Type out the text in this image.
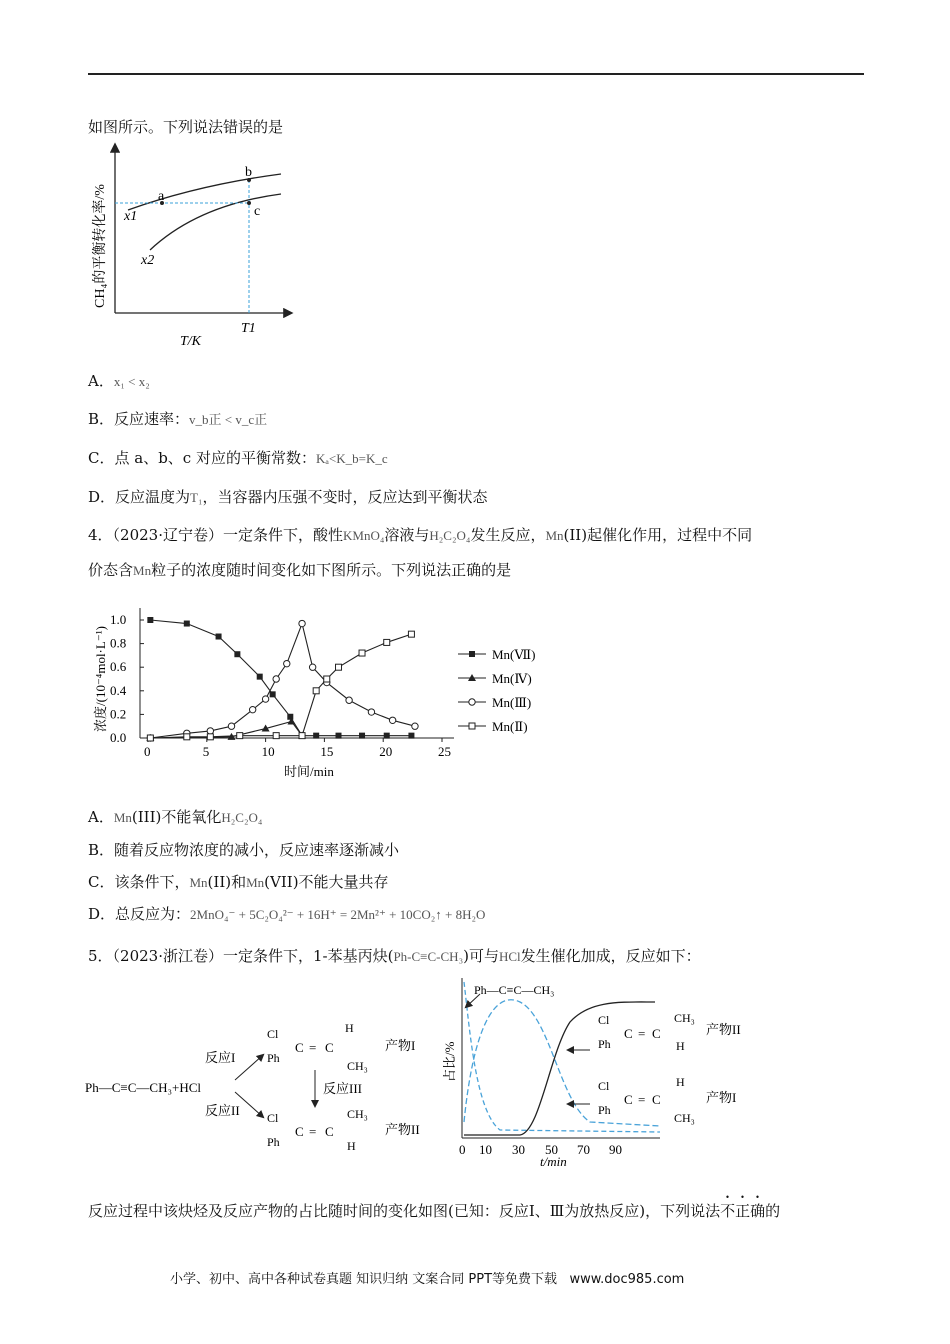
如图所示。下列说法错误的是
a
b
c
x1
x2
T1
T/K
CH₄的平衡转化率/%
A．x₁ < x₂
B．反应速率：v_b正 < v_c正
C．点 a、b、c 对应的平衡常数：Kₐ<K_b=K_c
D．反应温度为T₁，当容器内压强不变时，反应达到平衡状态
4．（2023·辽宁卷）一定条件下，酸性KMnO₄溶液与H₂C₂O₄发生反应，Mn(II)起催化作用，过程中不同
价态含Mn粒子的浓度随时间变化如下图所示。下列说法正确的是
0	5	10	15	20	25
0.0
0.2
0.4
0.6
0.8
1.0
Mn(Ⅶ)
Mn(Ⅳ)
Mn(Ⅲ)
Mn(Ⅱ)
浓度/(10⁻⁴mol·L⁻¹)
时间/min
A．Mn(III)不能氧化H₂C₂O₄
B．随着反应物浓度的减小，反应速率逐渐减小
C．该条件下，Mn(II)和Mn(VII)不能大量共存
D．总反应为：2MnO₄⁻ + 5C₂O₄²⁻ + 16H⁺ = 2Mn²⁺ + 10CO₂↑ + 8H₂O
5．（2023·浙江卷）一定条件下，1-苯基丙炔(Ph-C≡C-CH₃)可与HCl发生催化加成，反应如下：
Ph—C≡C—CH₃+HCl
反应I
反应II
反应III
Cl
Ph
C = C
H
CH₃
产物I
Cl
Ph
C = C
CH₃
H
产物II
占比/%
0 10 30 50 70 90
t/min
Ph—C≡C—CH₃
Cl
Ph
C = C
CH₃
H
产物II
Cl
Ph
C = C
H
CH₃
产物I
反应过程中该炔烃及反应产物的占比随时间的变化如图(已知：反应Ⅰ、Ⅲ为放热反应)，下列说法不正确的
小学、初中、高中各种试卷真题 知识归纳 文案合同 PPT等免费下载 www.doc985.com
